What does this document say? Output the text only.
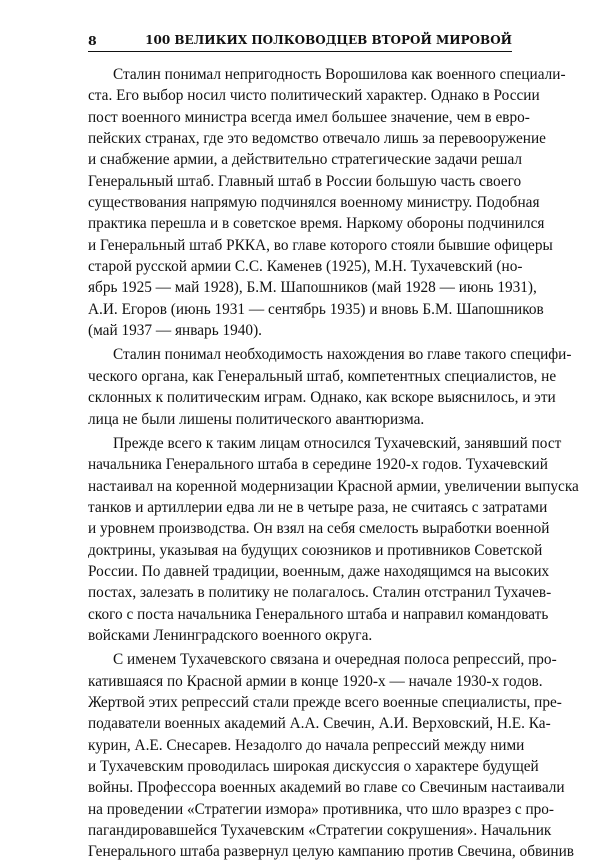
8	100 ВЕЛИКИХ ПОЛКОВОДЦЕВ ВТОРОЙ МИРОВОЙ
Сталин понимал непригодность Ворошилова как военного специали-
ста. Его выбор носил чисто политический характер. Однако в России
пост военного министра всегда имел большее значение, чем в евро-
пейских странах, где это ведомство отвечало лишь за перевооружение
и снабжение армии, а действительно стратегические задачи решал
Генеральный штаб. Главный штаб в России большую часть своего
существования напрямую подчинялся военному министру. Подобная
практика перешла и в советское время. Наркому обороны подчинился
и Генеральный штаб РККА, во главе которого стояли бывшие офицеры
старой русской армии С.С. Каменев (1925), М.Н. Тухачевский (но-
ябрь 1925 — май 1928), Б.М. Шапошников (май 1928 — июнь 1931),
А.И. Егоров (июнь 1931 — сентябрь 1935) и вновь Б.М. Шапошников
(май 1937 — январь 1940).
Сталин понимал необходимость нахождения во главе такого специфи-
ческого органа, как Генеральный штаб, компетентных специалистов, не
склонных к политическим играм. Однако, как вскоре выяснилось, и эти
лица не были лишены политического авантюризма.
Прежде всего к таким лицам относился Тухачевский, занявший пост
начальника Генерального штаба в середине 1920-х годов. Тухачевский
настаивал на коренной модернизации Красной армии, увеличении выпуска
танков и артиллерии едва ли не в четыре раза, не считаясь с затратами
и уровнем производства. Он взял на себя смелость выработки военной
доктрины, указывая на будущих союзников и противников Советской
России. По давней традиции, военным, даже находящимся на высоких
постах, залезать в политику не полагалось. Сталин отстранил Тухачев-
ского с поста начальника Генерального штаба и направил командовать
войсками Ленинградского военного округа.
С именем Тухачевского связана и очередная полоса репрессий, про-
катившаяся по Красной армии в конце 1920-х — начале 1930-х годов.
Жертвой этих репрессий стали прежде всего военные специалисты, пре-
подаватели военных академий А.А. Свечин, А.И. Верховский, Н.Е. Ка-
курин, А.Е. Снесарев. Незадолго до начала репрессий между ними
и Тухачевским проводилась широкая дискуссия о характере будущей
войны. Профессора военных академий во главе со Свечиным настаивали
на проведении «Стратегии измора» противника, что шло вразрез с про-
пагандировавшейся Тухачевским «Стратегии сокрушения». Начальник
Генерального штаба развернул целую кампанию против Свечина, обвинив
